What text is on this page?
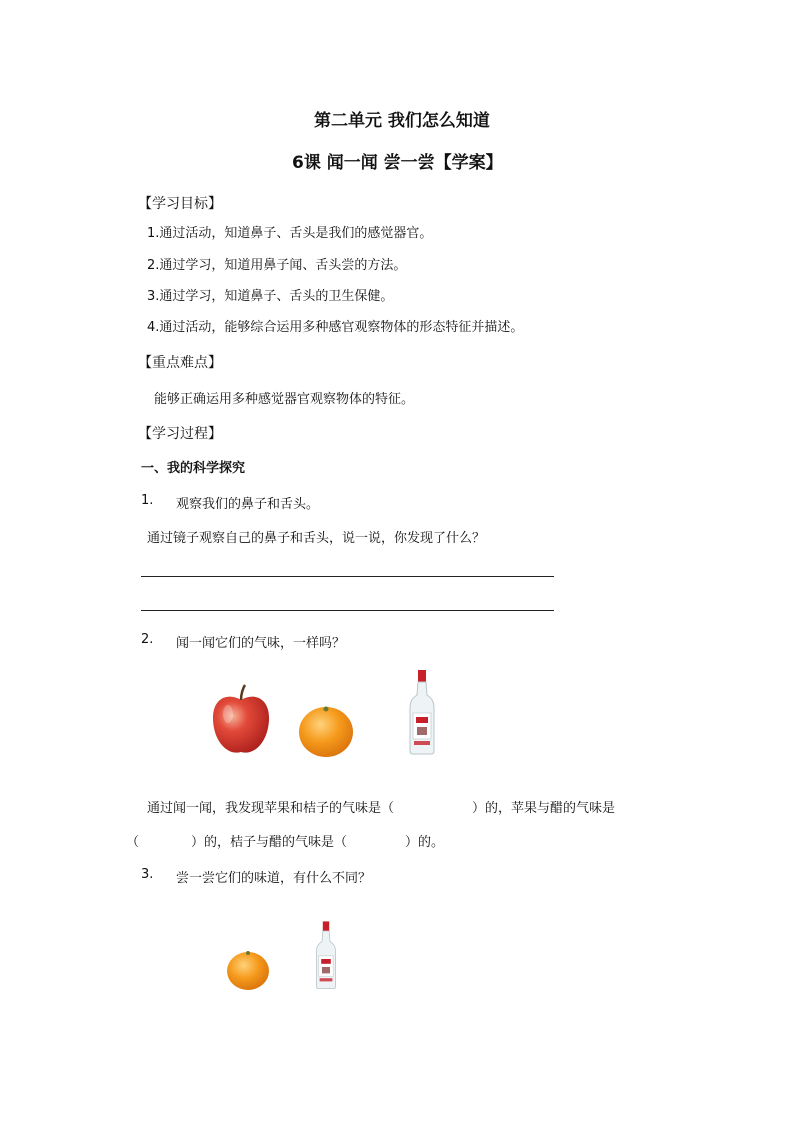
第二单元 我们怎么知道
6课 闻一闻 尝一尝【学案】
【学习目标】
1.通过活动，知道鼻子、舌头是我们的感觉器官。
2.通过学习，知道用鼻子闻、舌头尝的方法。
3.通过学习，知道鼻子、舌头的卫生保健。
4.通过活动，能够综合运用多种感官观察物体的形态特征并描述。
【重点难点】
能够正确运用多种感觉器官观察物体的特征。
【学习过程】
一、我的科学探究
1. 观察我们的鼻子和舌头。
通过镜子观察自己的鼻子和舌头，说一说，你发现了什么？
2. 闻一闻它们的气味，一样吗？
通过闻一闻，我发现苹果和桔子的气味是（	）的，苹果与醋的气味是
（	）的，桔子与醋的气味是（	）的。
3. 尝一尝它们的味道，有什么不同？
